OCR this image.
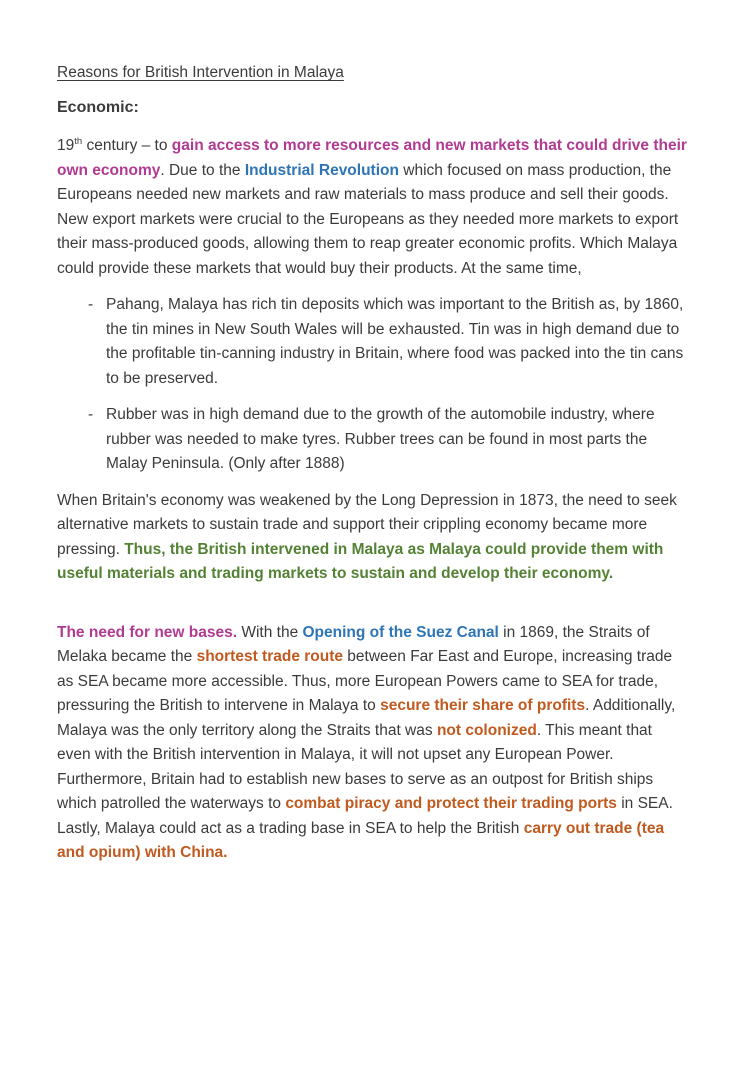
Reasons for British Intervention in Malaya
Economic:
19th century – to gain access to more resources and new markets that could drive their own economy. Due to the Industrial Revolution which focused on mass production, the Europeans needed new markets and raw materials to mass produce and sell their goods. New export markets were crucial to the Europeans as they needed more markets to export their mass-produced goods, allowing them to reap greater economic profits. Which Malaya could provide these markets that would buy their products. At the same time,
- Pahang, Malaya has rich tin deposits which was important to the British as, by 1860, the tin mines in New South Wales will be exhausted. Tin was in high demand due to the profitable tin-canning industry in Britain, where food was packed into the tin cans to be preserved.
- Rubber was in high demand due to the growth of the automobile industry, where rubber was needed to make tyres. Rubber trees can be found in most parts the Malay Peninsula. (Only after 1888)
When Britain's economy was weakened by the Long Depression in 1873, the need to seek alternative markets to sustain trade and support their crippling economy became more pressing. Thus, the British intervened in Malaya as Malaya could provide them with useful materials and trading markets to sustain and develop their economy.
The need for new bases. With the Opening of the Suez Canal in 1869, the Straits of Melaka became the shortest trade route between Far East and Europe, increasing trade as SEA became more accessible. Thus, more European Powers came to SEA for trade, pressuring the British to intervene in Malaya to secure their share of profits. Additionally, Malaya was the only territory along the Straits that was not colonized. This meant that even with the British intervention in Malaya, it will not upset any European Power. Furthermore, Britain had to establish new bases to serve as an outpost for British ships which patrolled the waterways to combat piracy and protect their trading ports in SEA. Lastly, Malaya could act as a trading base in SEA to help the British carry out trade (tea and opium) with China.
